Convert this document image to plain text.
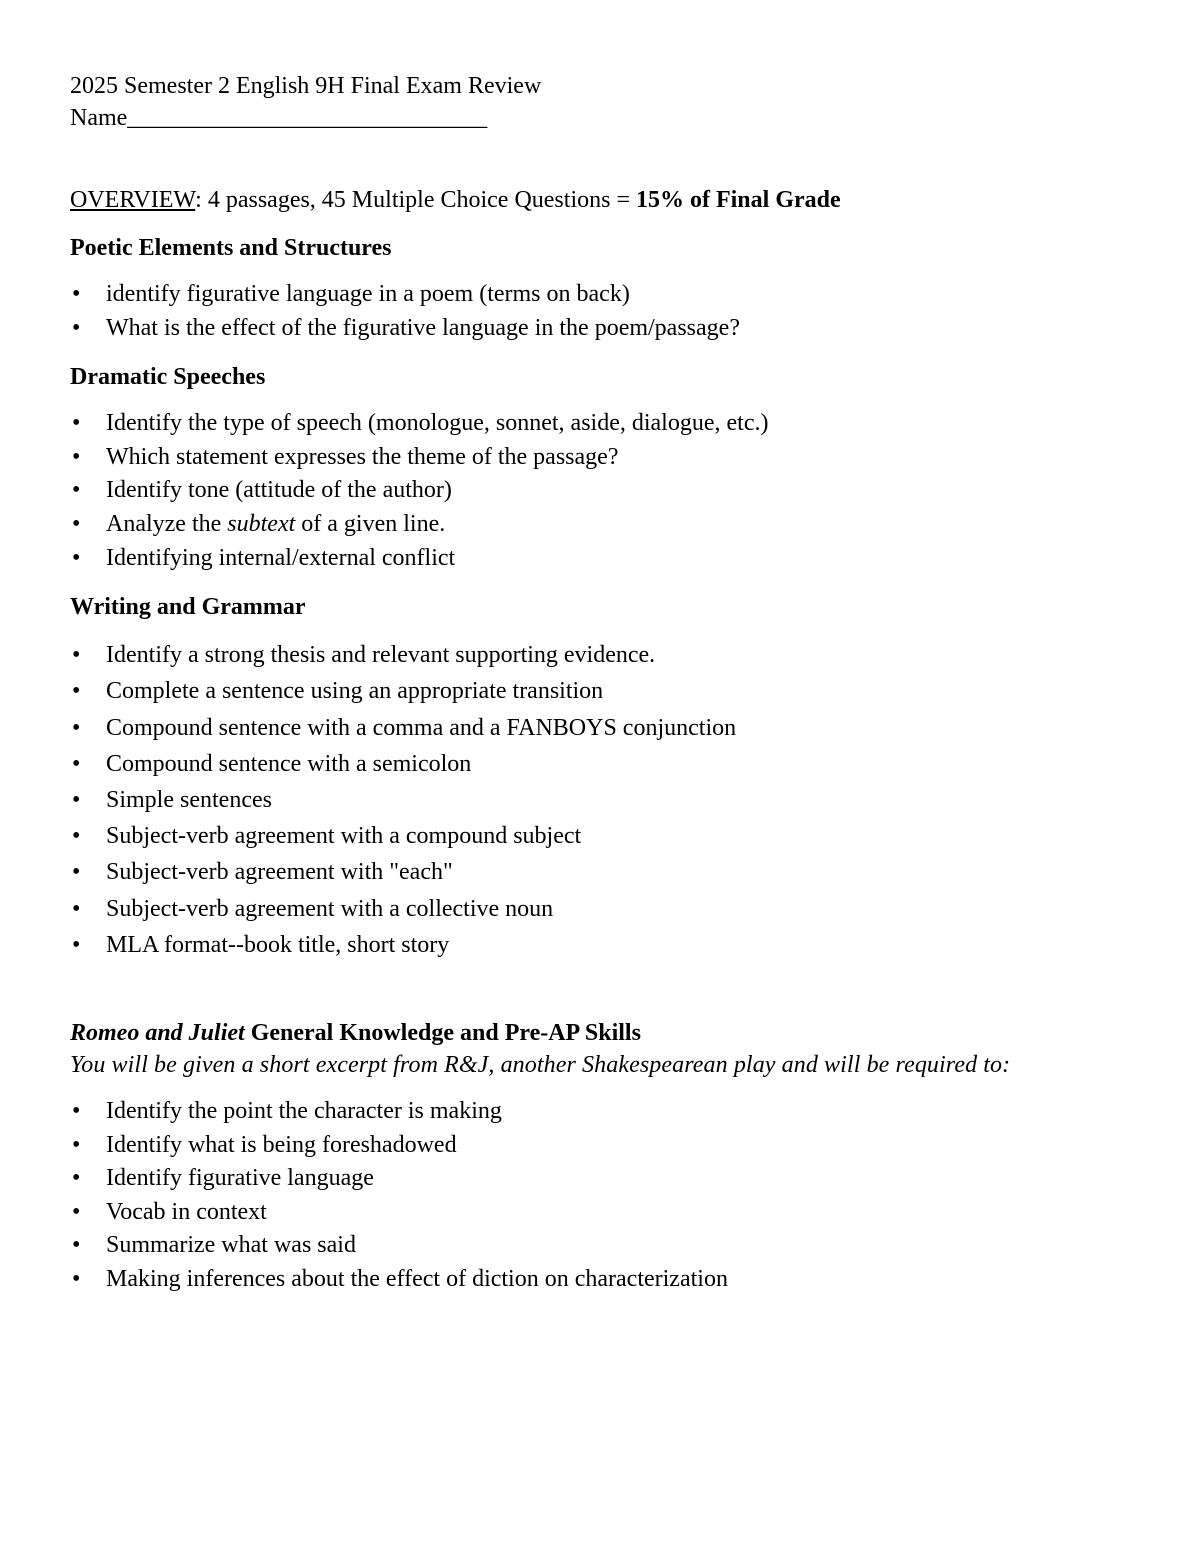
2025 Semester 2 English 9H Final Exam Review

Name______________________________

OVERVIEW: 4 passages, 45 Multiple Choice Questions = 15% of Final Grade

Poetic Elements and Structures

• identify figurative language in a poem (terms on back)
• What is the effect of the figurative language in the poem/passage?

Dramatic Speeches

• Identify the type of speech (monologue, sonnet, aside, dialogue, etc.)
• Which statement expresses the theme of the passage?
• Identify tone (attitude of the author)
• Analyze the subtext of a given line.
• Identifying internal/external conflict

Writing and Grammar

• Identify a strong thesis and relevant supporting evidence.
• Complete a sentence using an appropriate transition
• Compound sentence with a comma and a FANBOYS conjunction
• Compound sentence with a semicolon
• Simple sentences
• Subject-verb agreement with a compound subject
• Subject-verb agreement with "each"
• Subject-verb agreement with a collective noun
• MLA format--book title, short story

Romeo and Juliet General Knowledge and Pre-AP Skills

You will be given a short excerpt from R&J, another Shakespearean play and will be required to:

• Identify the point the character is making
• Identify what is being foreshadowed
• Identify figurative language
• Vocab in context
• Summarize what was said
• Making inferences about the effect of diction on characterization
